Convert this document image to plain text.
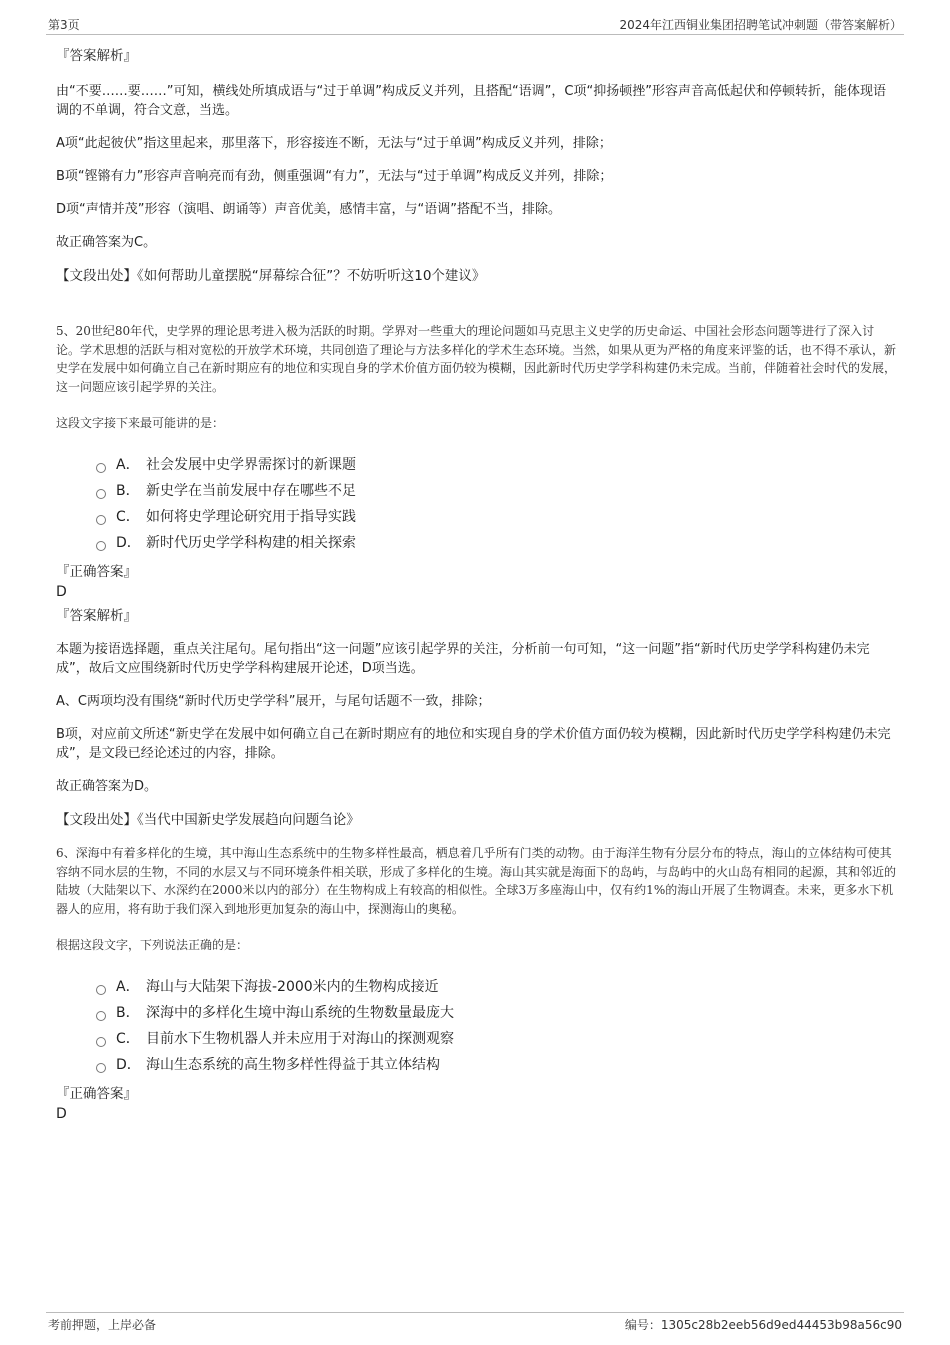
第3页	2024年江西铜业集团招聘笔试冲刺题（带答案解析）
『答案解析』
由“不要……要……”可知，横线处所填成语与“过于单调”构成反义并列，且搭配“语调”，C项“抑扬顿挫”形容声音高低起伏和停顿转折，能体现语调的不单调，符合文意，当选。
A项“此起彼伏”指这里起来，那里落下，形容接连不断，无法与“过于单调”构成反义并列，排除；
B项“铿锵有力”形容声音响亮而有劲，侧重强调“有力”，无法与“过于单调”构成反义并列，排除；
D项“声情并茂”形容（演唱、朗诵等）声音优美，感情丰富，与“语调”搭配不当，排除。
故正确答案为C。
【文段出处】《如何帮助儿童摆脱“屏幕综合征”？不妨听听这10个建议》
5、20世纪80年代，史学界的理论思考进入极为活跃的时期。学界对一些重大的理论问题如马克思主义史学的历史命运、中国社会形态问题等进行了深入讨论。学术思想的活跃与相对宽松的开放学术环境，共同创造了理论与方法多样化的学术生态环境。当然，如果从更为严格的角度来评鉴的话，也不得不承认，新史学在发展中如何确立自己在新时期应有的地位和实现自身的学术价值方面仍较为模糊，因此新时代历史学学科构建仍未完成。当前，伴随着社会时代的发展，这一问题应该引起学界的关注。
这段文字接下来最可能讲的是：
A． 社会发展中史学界需探讨的新课题
B． 新史学在当前发展中存在哪些不足
C． 如何将史学理论研究用于指导实践
D． 新时代历史学学科构建的相关探索
『正确答案』
D
『答案解析』
本题为接语选择题，重点关注尾句。尾句指出“这一问题”应该引起学界的关注，分析前一句可知，“这一问题”指“新时代历史学学科构建仍未完成”，故后文应围绕新时代历史学学科构建展开论述，D项当选。
A、C两项均没有围绕“新时代历史学学科”展开，与尾句话题不一致，排除；
B项，对应前文所述“新史学在发展中如何确立自己在新时期应有的地位和实现自身的学术价值方面仍较为模糊，因此新时代历史学学科构建仍未完成”，是文段已经论述过的内容，排除。
故正确答案为D。
【文段出处】《当代中国新史学发展趋向问题刍论》
6、深海中有着多样化的生境，其中海山生态系统中的生物多样性最高，栖息着几乎所有门类的动物。由于海洋生物有分层分布的特点，海山的立体结构可使其容纳不同水层的生物，不同的水层又与不同环境条件相关联，形成了多样化的生境。海山其实就是海面下的岛屿，与岛屿中的火山岛有相同的起源，其和邻近的陆坡（大陆架以下、水深约在2000米以内的部分）在生物构成上有较高的相似性。全球3万多座海山中，仅有约1%的海山开展了生物调查。未来，更多水下机器人的应用，将有助于我们深入到地形更加复杂的海山中，探测海山的奥秘。
根据这段文字，下列说法正确的是：
A． 海山与大陆架下海拔-2000米内的生物构成接近
B． 深海中的多样化生境中海山系统的生物数量最庞大
C． 目前水下生物机器人并未应用于对海山的探测观察
D． 海山生态系统的高生物多样性得益于其立体结构
『正确答案』
D
考前押题，上岸必备	编号：1305c28b2eeb56d9ed44453b98a56c90
